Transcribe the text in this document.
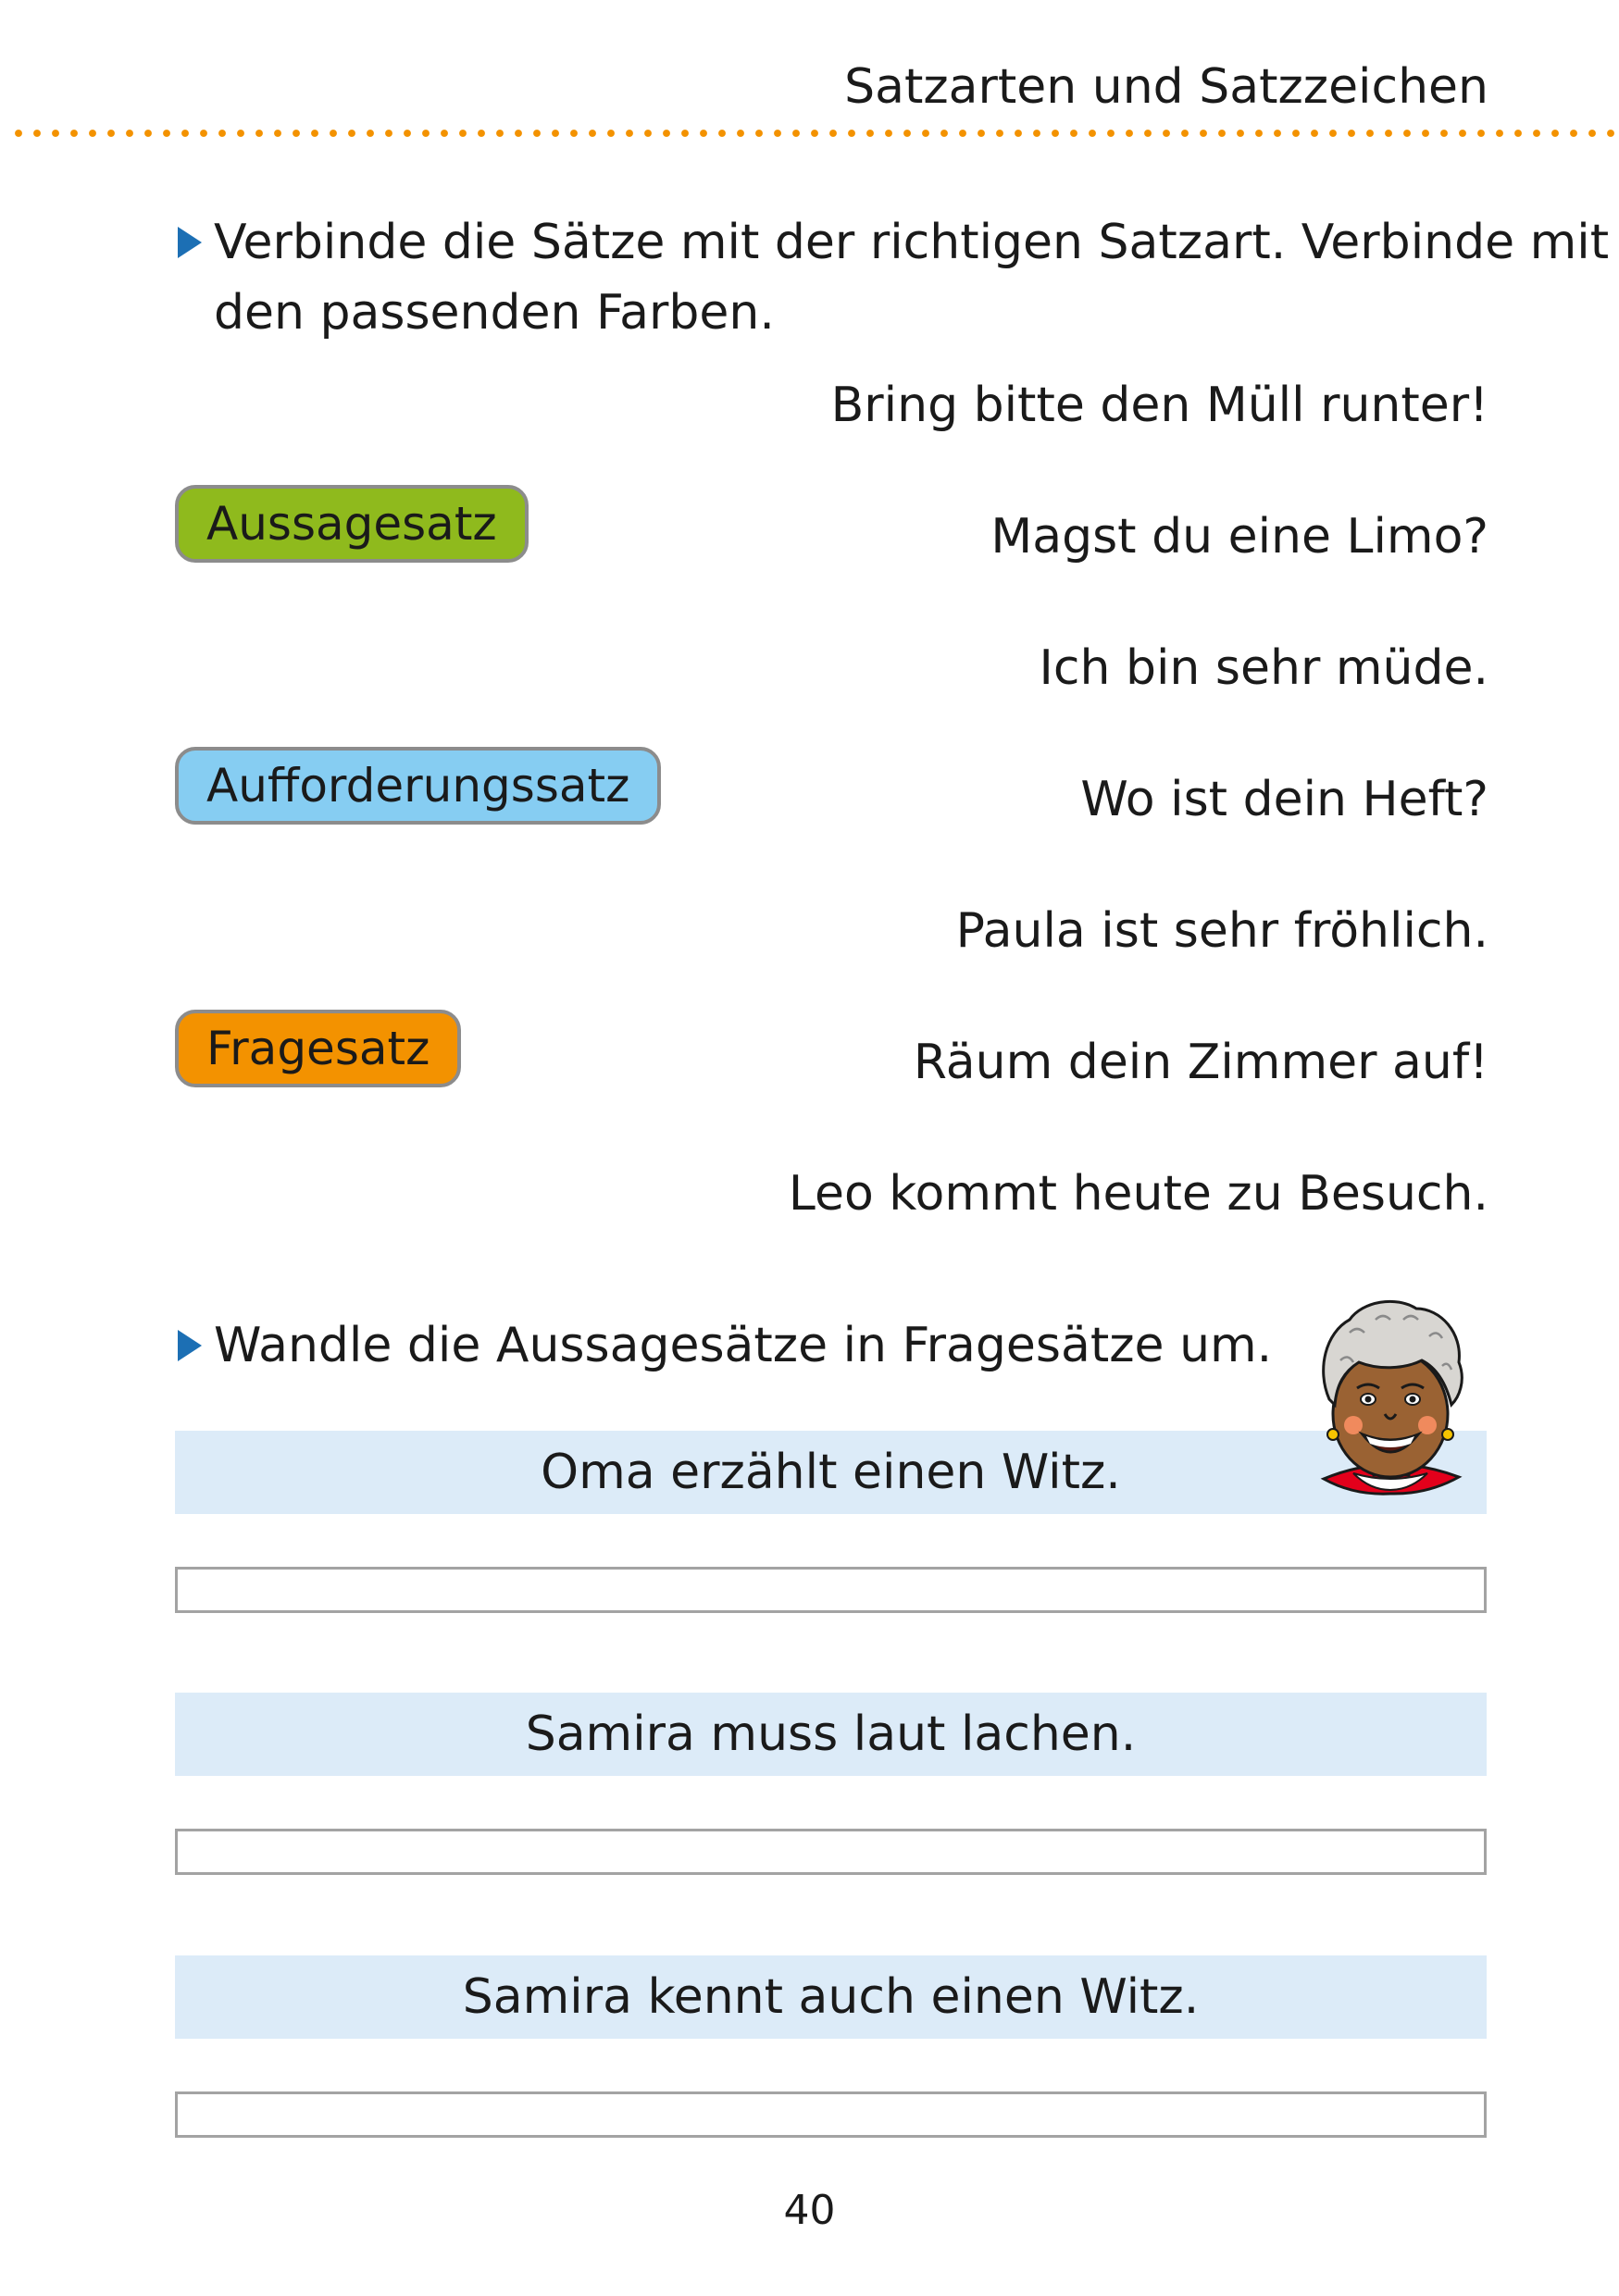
Satzarten und Satzzeichen
Verbinde die Sätze mit der richtigen Satzart. Verbinde mit
den passenden Farben.
Aussagesatz
Aufforderungssatz
Fragesatz
Bring bitte den Müll runter!
Magst du eine Limo?
Ich bin sehr müde.
Wo ist dein Heft?
Paula ist sehr fröhlich.
Räum dein Zimmer auf!
Leo kommt heute zu Besuch.
Wandle die Aussagesätze in Fragesätze um.
Oma erzählt einen Witz.
Samira muss laut lachen.
Samira kennt auch einen Witz.
40
